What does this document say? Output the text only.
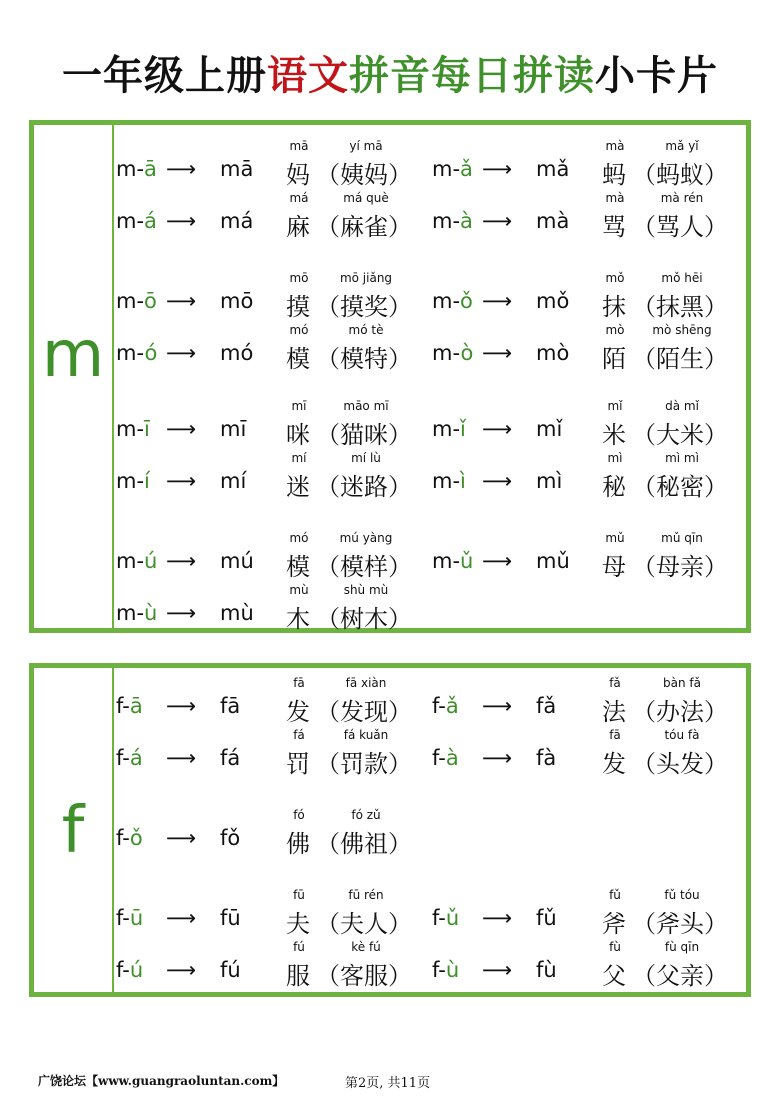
一年级上册语文拼音每日拼读小卡片
m
m-ā ⟶ mā
mā
妈
yí mā
（姨妈） m-ǎ ⟶ mǎ
mà
蚂
mǎ yǐ
（蚂蚁）
m-á ⟶ má
má
麻
má què
（麻雀） m-à ⟶ mà
mà
骂
mà rén
（骂人）
m-ō ⟶ mō
mō
摸
mō jiǎng
（摸奖） m-ǒ ⟶ mǒ
mǒ
抹
mǒ hēi
（抹黑）
m-ó ⟶ mó
mó
模
mó tè
（模特） m-ò ⟶ mò
mò
陌
mò shēng
（陌生）
m-ī ⟶ mī
mī
咪
māo mī
（猫咪） m-ǐ ⟶ mǐ
mǐ
米
dà mǐ
（大米）
m-í ⟶ mí
mí
迷
mí lù
（迷路） m-ì ⟶ mì
mì
秘
mì mì
（秘密）
m-ú ⟶ mú
mó
模
mú yàng
（模样） m-ǔ ⟶ mǔ
mǔ
母
mǔ qīn
（母亲）
m-ù ⟶ mù
mù
木
shù mù
（树木）
f
f-ā ⟶ fā
fā
发
fā xiàn
（发现） f-ǎ ⟶ fǎ
fǎ
法
bàn fǎ
（办法）
f-á ⟶ fá
fá
罚
fá kuǎn
（罚款） f-à ⟶ fà
fā
发
tóu fà
（头发）
f-ǒ ⟶ fǒ
fó
佛
fó zǔ
（佛祖）
f-ū ⟶ fū
fū
夫
fū rén
（夫人） f-ǔ ⟶ fǔ
fǔ
斧
fǔ tóu
（斧头）
f-ú ⟶ fú
fú
服
kè fú
（客服） f-ù ⟶ fù
fù
父
fù qīn
（父亲）
广饶论坛【www.guangraoluntan.com】	第2页, 共11页
